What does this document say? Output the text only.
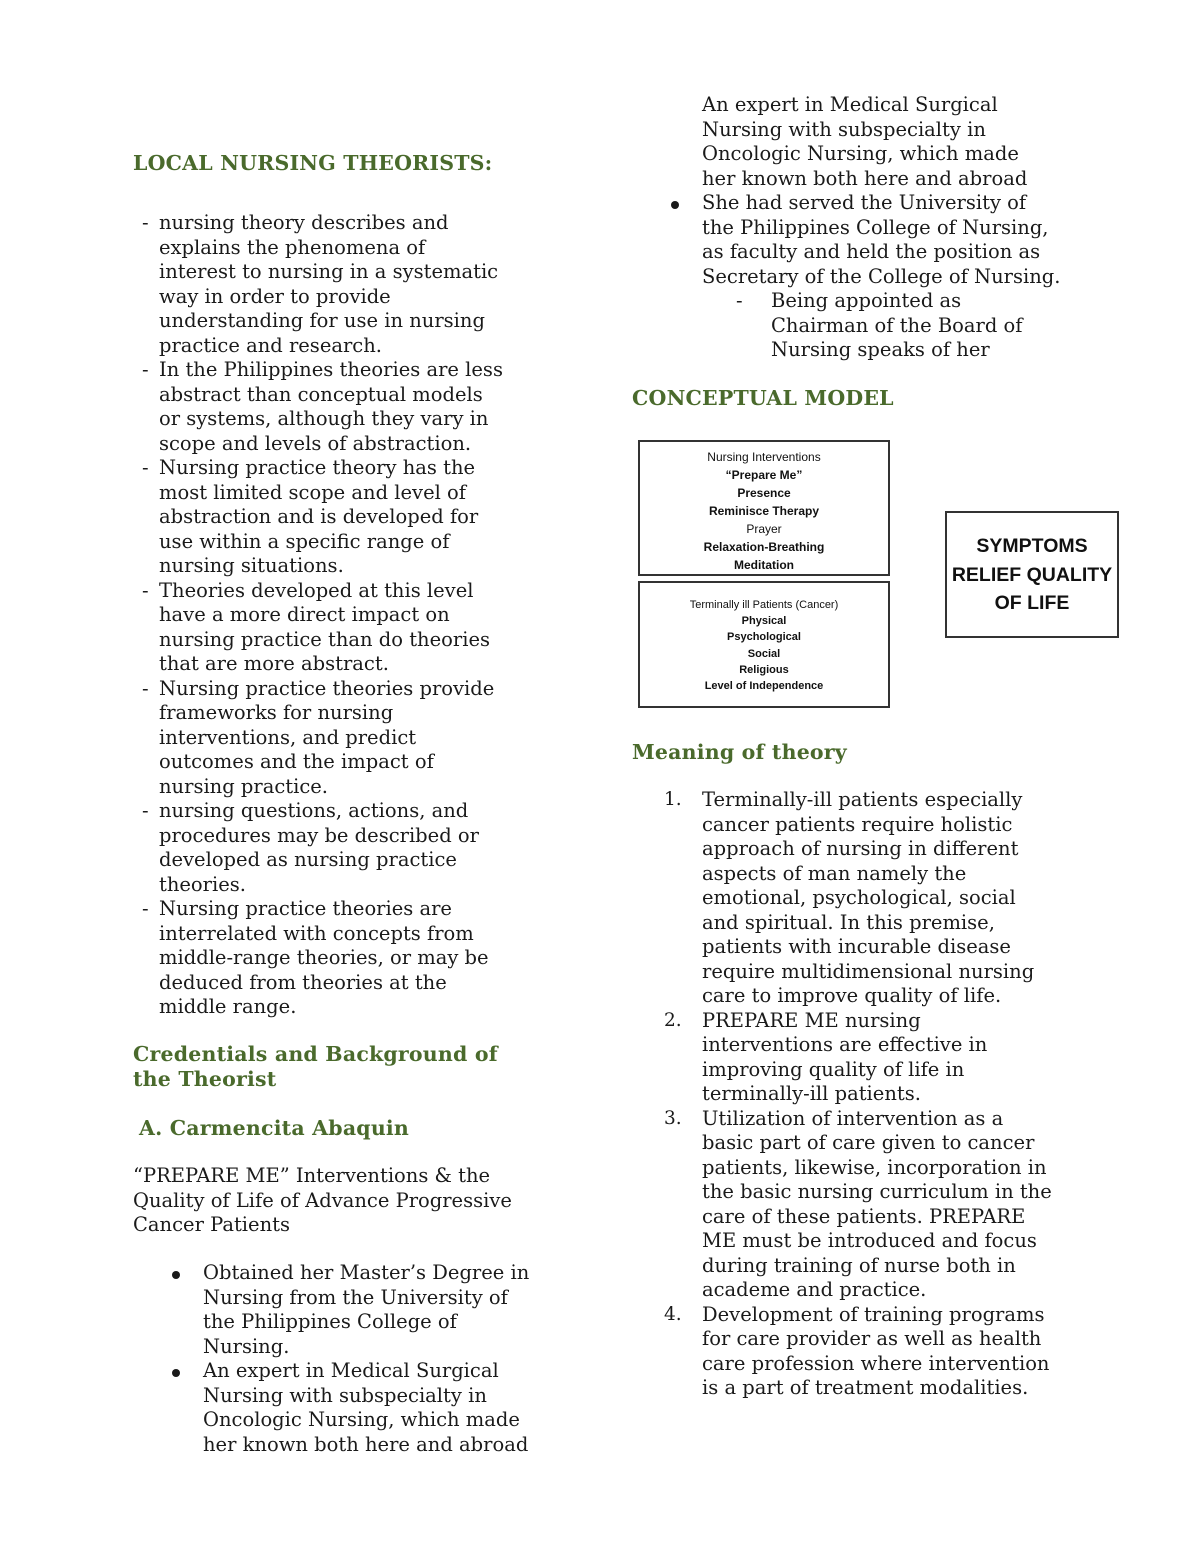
LOCAL NURSING THEORISTS:
- nursing theory describes and explains the phenomena of interest to nursing in a systematic way in order to provide understanding for use in nursing practice and research.
- In the Philippines theories are less abstract than conceptual models or systems, although they vary in scope and levels of abstraction.
- Nursing practice theory has the most limited scope and level of abstraction and is developed for use within a specific range of nursing situations.
- Theories developed at this level have a more direct impact on nursing practice than do theories that are more abstract.
- Nursing practice theories provide frameworks for nursing interventions, and predict outcomes and the impact of nursing practice.
- nursing questions, actions, and procedures may be described or developed as nursing practice theories.
- Nursing practice theories are interrelated with concepts from middle-range theories, or may be deduced from theories at the middle range.
Credentials and Background of the Theorist
A. Carmencita Abaquin

“PREPARE ME” Interventions & the Quality of Life of Advance Progressive Cancer Patients

Obtained her Master’s Degree in Nursing from the University of the Philippines College of Nursing.
An expert in Medical Surgical Nursing with subspecialty in Oncologic Nursing, which made her known both here and abroad
An expert in Medical Surgical Nursing with subspecialty in Oncologic Nursing, which made her known both here and abroad
She had served the University of the Philippines College of Nursing, as faculty and held the position as Secretary of the College of Nursing.
- Being appointed as Chairman of the Board of Nursing speaks of her
CONCEPTUAL MODEL
Nursing Interventions
“Prepare Me”
Presence
Reminisce Therapy
Prayer
Relaxation-Breathing
Meditation
Terminally ill Patients (Cancer)
Physical
Psychological
Social
Religious
Level of Independence
SYMPTOMS
RELIEF QUALITY
OF LIFE
Meaning of theory
1. Terminally-ill patients especially cancer patients require holistic approach of nursing in different aspects of man namely the emotional, psychological, social and spiritual. In this premise, patients with incurable disease require multidimensional nursing care to improve quality of life.
2. PREPARE ME nursing interventions are effective in improving quality of life in terminally-ill patients.
3. Utilization of intervention as a basic part of care given to cancer patients, likewise, incorporation in the basic nursing curriculum in the care of these patients. PREPARE ME must be introduced and focus during training of nurse both in academe and practice.
4. Development of training programs for care provider as well as health care profession where intervention is a part of treatment modalities.
